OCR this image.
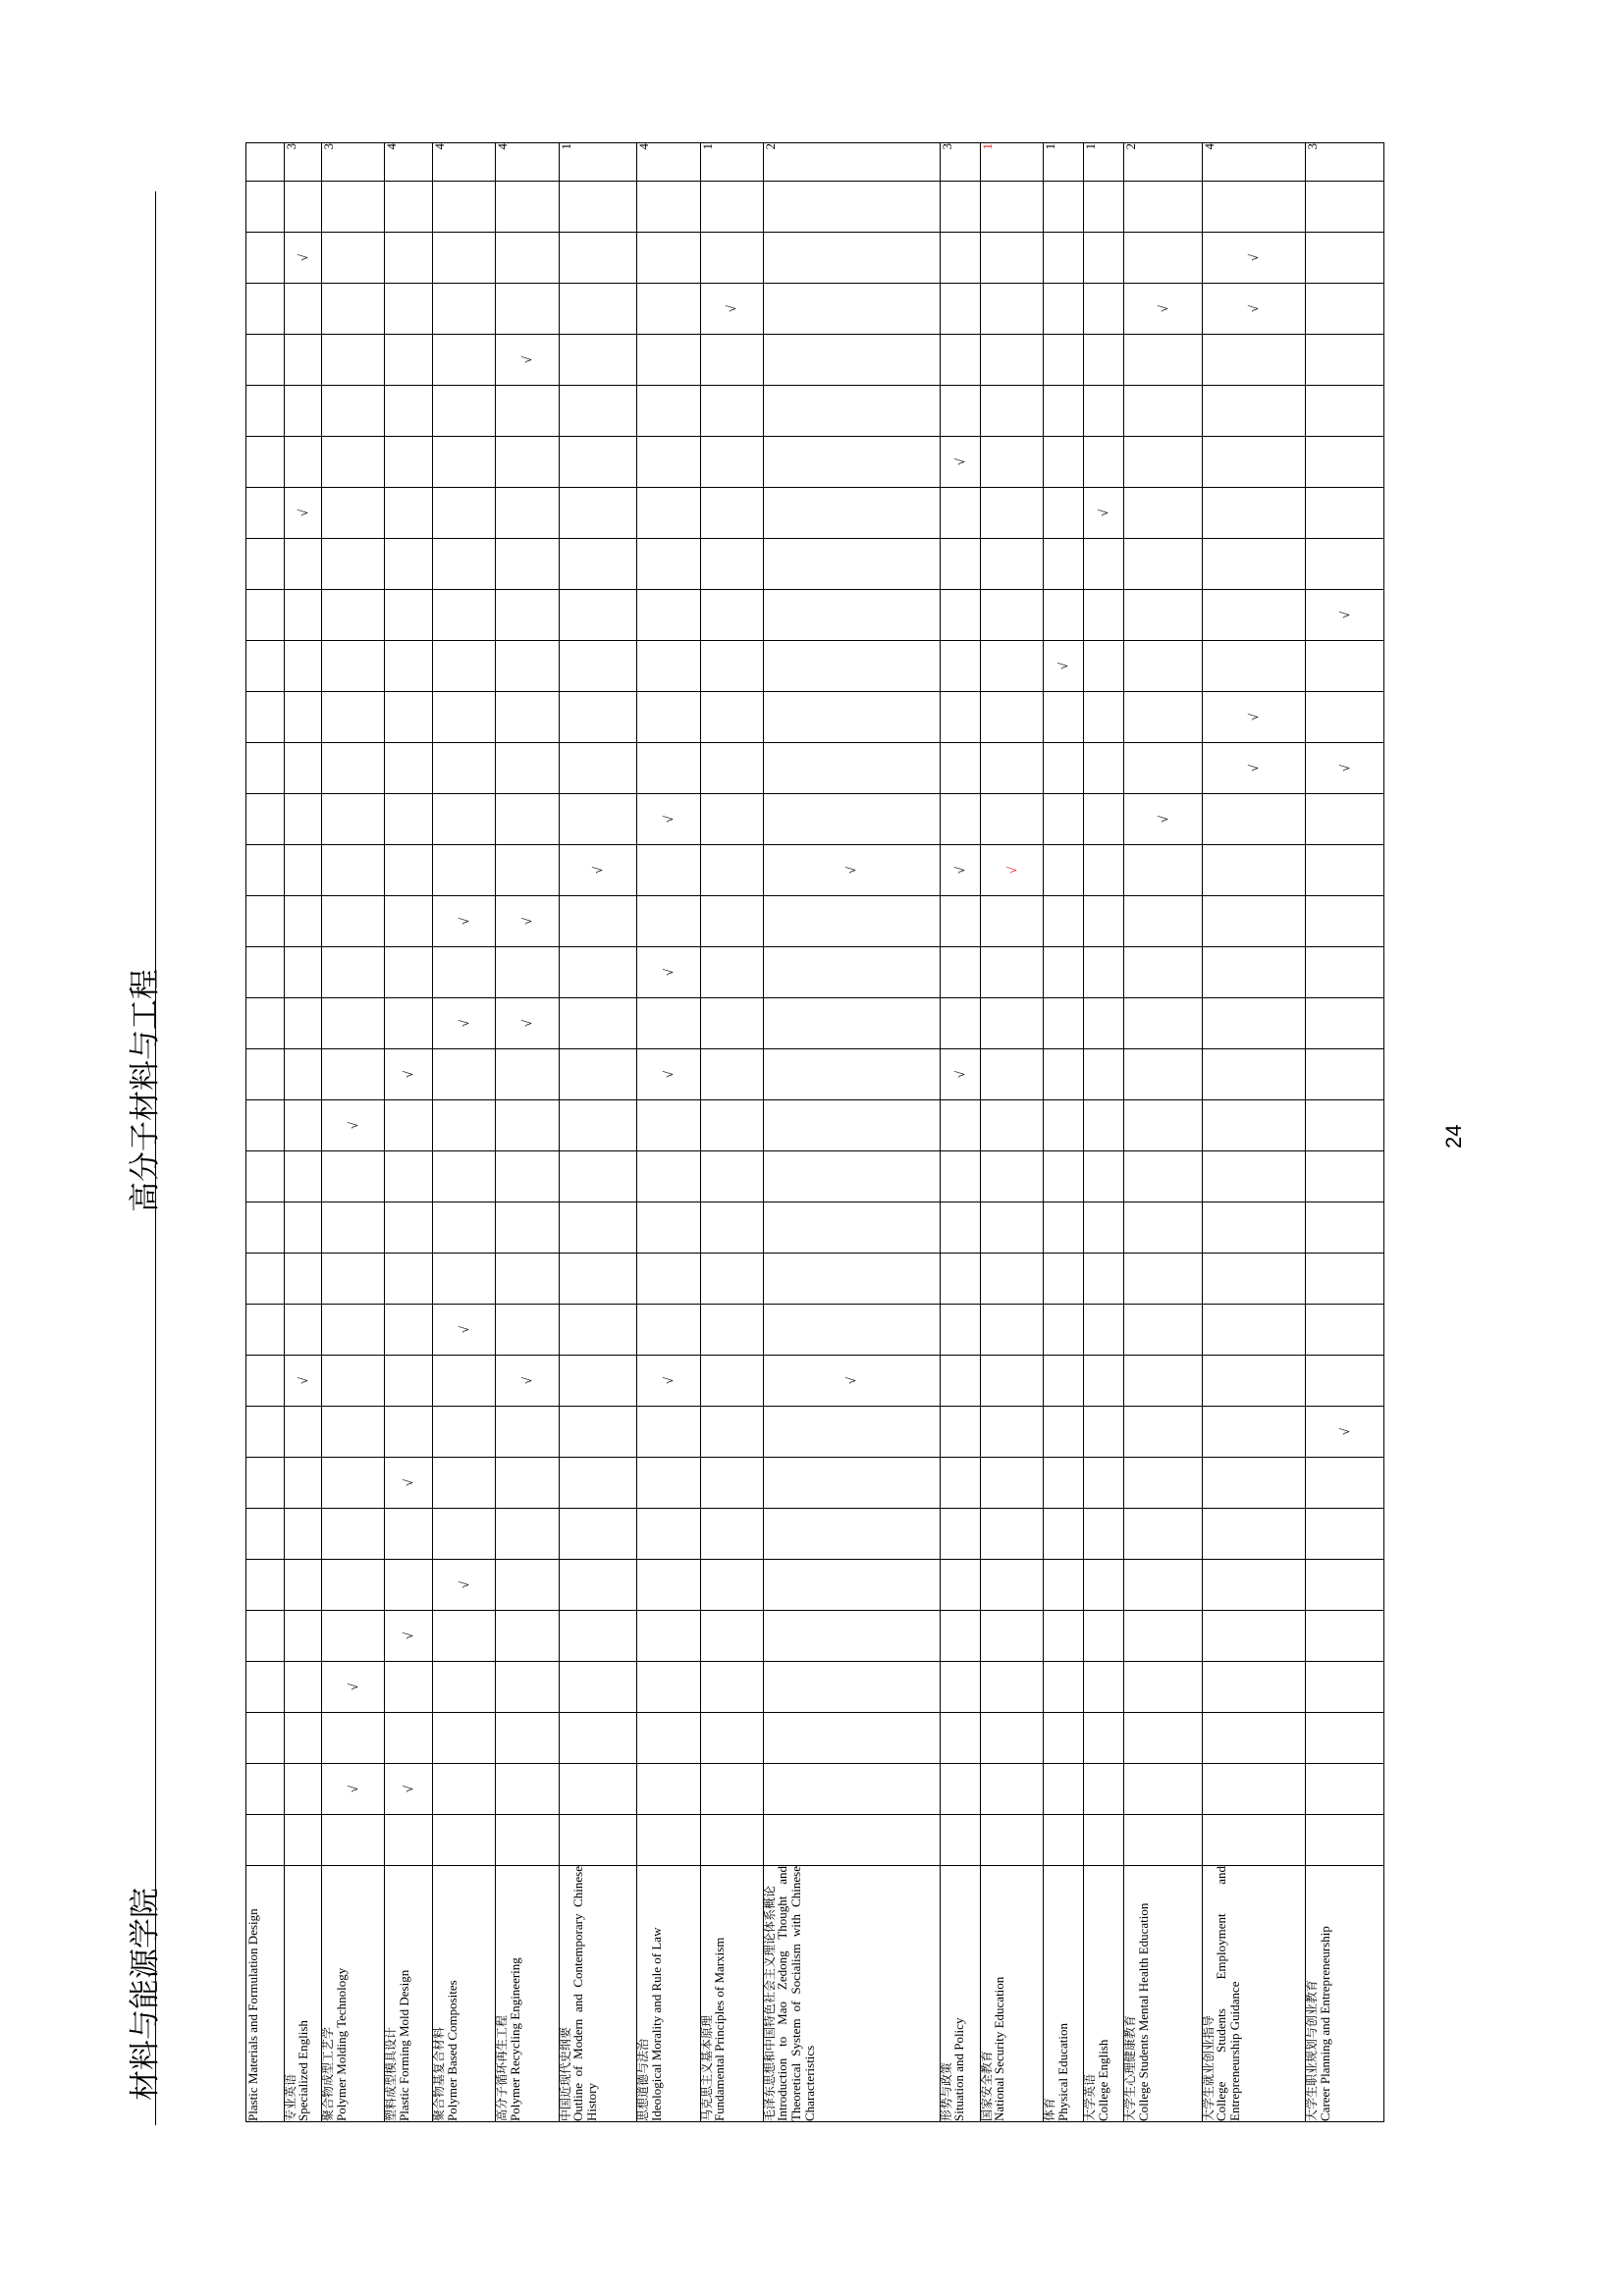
材料与能源学院
高分子材料与工程	24
Plastic Materials and Formulation Design																																		

专业英语
Specialized English										√																	√					√		3

聚合物成型工艺学
Polymer Molding Technology		√		√											√																			3

塑料成型模具设计
Plastic Forming Mold Design		√			√			√								√																		4

聚合物基复合材料
Polymer Based Composites						√					√						√		√															4

高分子循环再生工程
Polymer Recycling Engineering										√							√		√											√				4

中国近现代史纲要
Outline of Modern and Contemporary Chinese History																				√														1

思想道德与法治
Ideological Morality and Rule of Law										√						√		√			√													4

马克思主义基本原理
Fundamental Principles of Marxism																															√			1

毛泽东思想和中国特色社会主义理论体系概论
Introduction to Mao Zedong Thought and Theoretical System of Socialism with Chinese Characteristics										√										√														2

形势与政策
Situation and Policy																√				√								√						3

国家安全教育
National Security Education																				√														1

体育
Physical Education																								√										1

大学英语
College English																											√							1

大学生心理健康教育
College Students Mental Health Education																					√										√			2

大学生就业创业指导
College Students Employment and Entrepreneurship Guidance																						√	√								√	√		4

大学生职业规划与创业教育
Career Planning and Entrepreneurship									√													√			√									3
